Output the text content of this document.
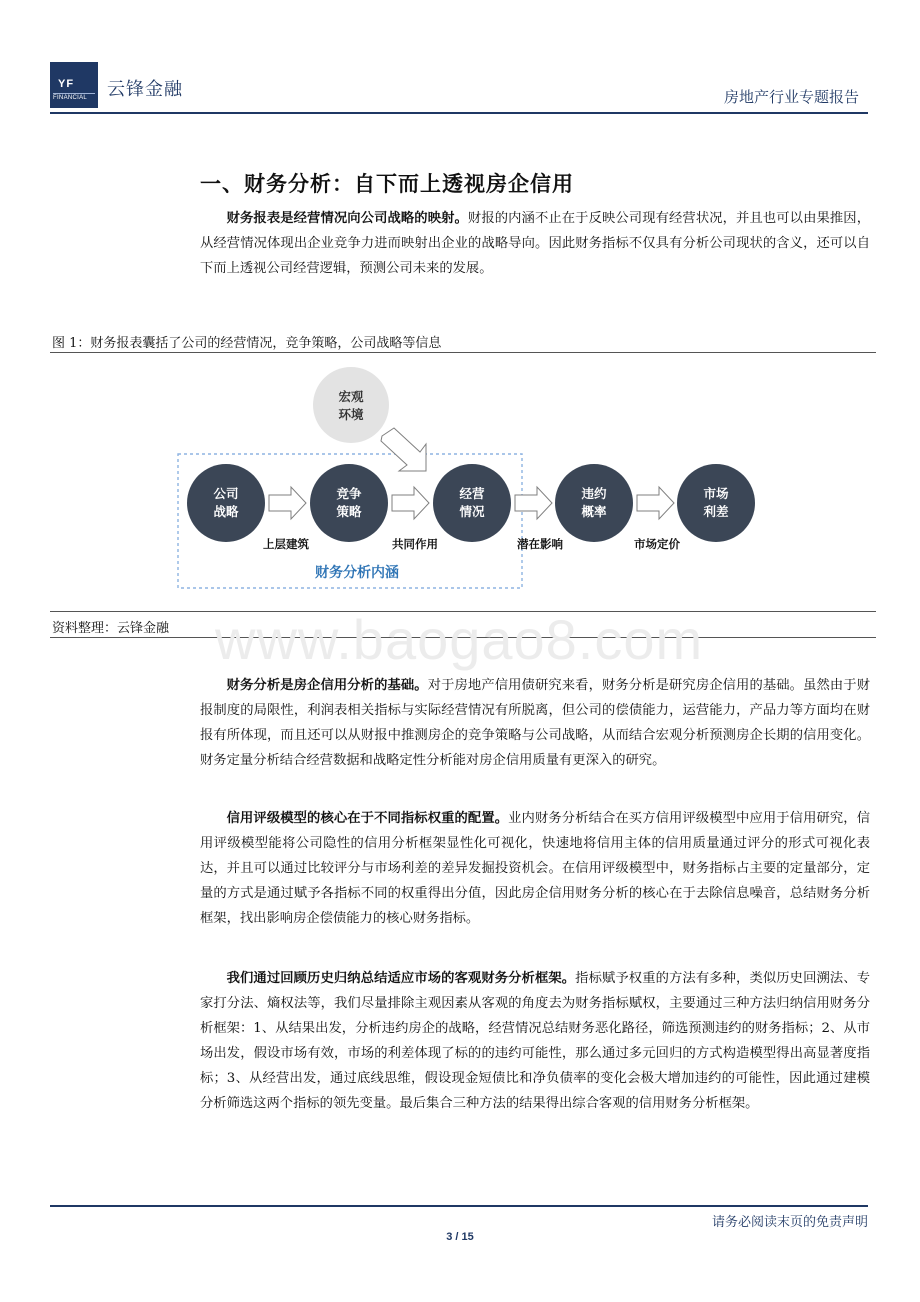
YF
FINANCIAL 云锋金融	房地产行业专题报告
一、财务分析：自下而上透视房企信用
财务报表是经营情况向公司战略的映射。财报的内涵不止在于反映公司现有经营状况，并且也可以由果推因，从经营情况体现出企业竞争力进而映射出企业的战略导向。因此财务指标不仅具有分析公司现状的含义，还可以自下而上透视公司经营逻辑，预测公司未来的发展。
图 1：财务报表囊括了公司的经营情况，竞争策略，公司战略等信息
宏观
环境
公司
战略
竞争
策略
经营
情况
违约
概率
市场
利差
上层建筑	共同作用	潜在影响	市场定价
财务分析内涵
资料整理：云锋金融 www.baogao8.com
财务分析是房企信用分析的基础。对于房地产信用债研究来看，财务分析是研究房企信用的基础。虽然由于财报制度的局限性，利润表相关指标与实际经营情况有所脱离，但公司的偿债能力，运营能力，产品力等方面均在财报有所体现，而且还可以从财报中推测房企的竞争策略与公司战略，从而结合宏观分析预测房企长期的信用变化。财务定量分析结合经营数据和战略定性分析能对房企信用质量有更深入的研究。
信用评级模型的核心在于不同指标权重的配置。业内财务分析结合在买方信用评级模型中应用于信用研究，信用评级模型能将公司隐性的信用分析框架显性化可视化，快速地将信用主体的信用质量通过评分的形式可视化表达，并且可以通过比较评分与市场利差的差异发掘投资机会。在信用评级模型中，财务指标占主要的定量部分，定量的方式是通过赋予各指标不同的权重得出分值，因此房企信用财务分析的核心在于去除信息噪音，总结财务分析框架，找出影响房企偿债能力的核心财务指标。
我们通过回顾历史归纳总结适应市场的客观财务分析框架。指标赋予权重的方法有多种，类似历史回溯法、专家打分法、熵权法等，我们尽量排除主观因素从客观的角度去为财务指标赋权，主要通过三种方法归纳信用财务分析框架：1、从结果出发，分析违约房企的战略，经营情况总结财务恶化路径，筛选预测违约的财务指标；2、从市场出发，假设市场有效，市场的利差体现了标的的违约可能性，那么通过多元回归的方式构造模型得出高显著度指标；3、从经营出发，通过底线思维，假设现金短债比和净负债率的变化会极大增加违约的可能性，因此通过建模分析筛选这两个指标的领先变量。最后集合三种方法的结果得出综合客观的信用财务分析框架。
请务必阅读末页的免责声明
3 / 15
